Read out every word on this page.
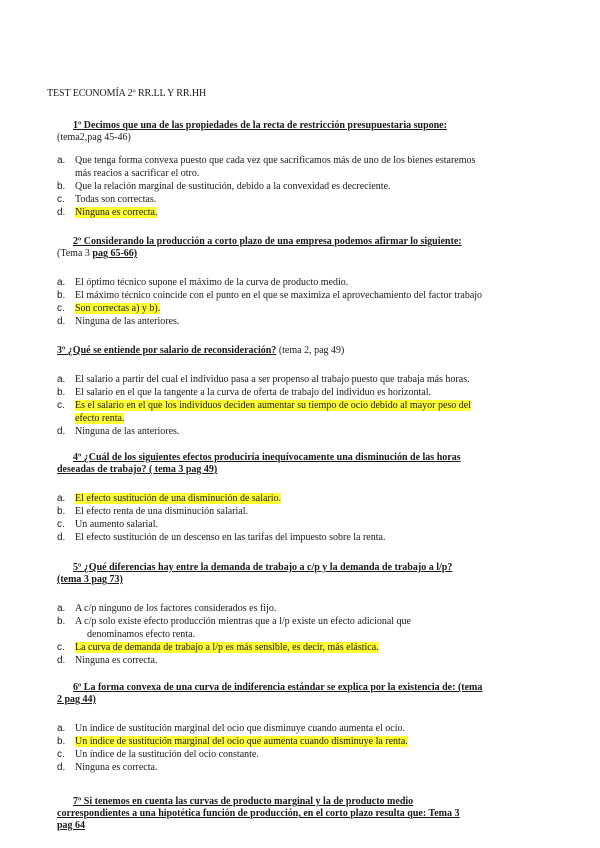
TEST ECONOMÍA 2º RR.LL Y RR.HH
1º Decimos que una de las propiedades de la recta de restricción presupuestaria supone:
(tema2,pag 45-46)
a. Que tenga forma convexa puesto que cada vez que sacrificamos más de uno de los bienes estaremos
más reacios a sacrificar el otro.
b. Que la relación marginal de sustitución, debido a la convexidad es decreciente.
c. Todas son correctas.
d. Ninguna es correcta.
2º Considerando la producción a corto plazo de una empresa podemos afirmar lo siguiente:
(Tema 3 pag 65-66)
a. El óptimo técnico supone el máximo de la curva de producto medio.
b. El máximo técnico coincide con el punto en el que se maximiza el aprovechamiento del factor trabajo
c. Son correctas a) y b).
d. Ninguna de las anteriores.
3º ¿Qué se entiende por salario de reconsideración? (tema 2, pag 49)
a. El salario a partir del cual el individuo pasa a ser propenso al trabajo puesto que trabaja más horas.
b. El salario en el que la tangente a la curva de oferta de trabajo del individuo es horizontal.
c. Es el salario en el que los individuos deciden aumentar su tiempo de ocio debido al mayor peso del
efecto renta.
d. Ninguna de las anteriores.
4º ¿Cuál de los siguientes efectos produciría inequívocamente una disminución de las horas
deseadas de trabajo? ( tema 3 pag 49)
a. El efecto sustitución de una disminución de salario.
b. El efecto renta de una disminución salarial.
c. Un aumento salarial.
d. El efecto sustitución de un descenso en las tarifas del impuesto sobre la renta.
5º ¿Qué diferencias hay entre la demanda de trabajo a c/p y la demanda de trabajo a l/p?
(tema 3 pag 73)
a. A c/p ninguno de los factores considerados es fijo.
b. A c/p solo existe efecto producción mientras que a l/p existe un efecto adicional que
denominamos efecto renta.
c. La curva de demanda de trabajo a l/p es más sensible, es decir, más elástica.
d. Ninguna es correcta.
6º La forma convexa de una curva de indiferencia estándar se explica por la existencia de: (tema
2 pag 44)
a. Un índice de sustitución marginal del ocio que disminuye cuando aumenta el ocio.
b. Un índice de sustitución marginal del ocio que aumenta cuando disminuye la renta.
c. Un índice de la sustitución del ocio constante.
d. Ninguna es correcta.
7º Si tenemos en cuenta las curvas de producto marginal y la de producto medio
correspondientes a una hipotética función de producción, en el corto plazo resulta que: Tema 3
pag 64
